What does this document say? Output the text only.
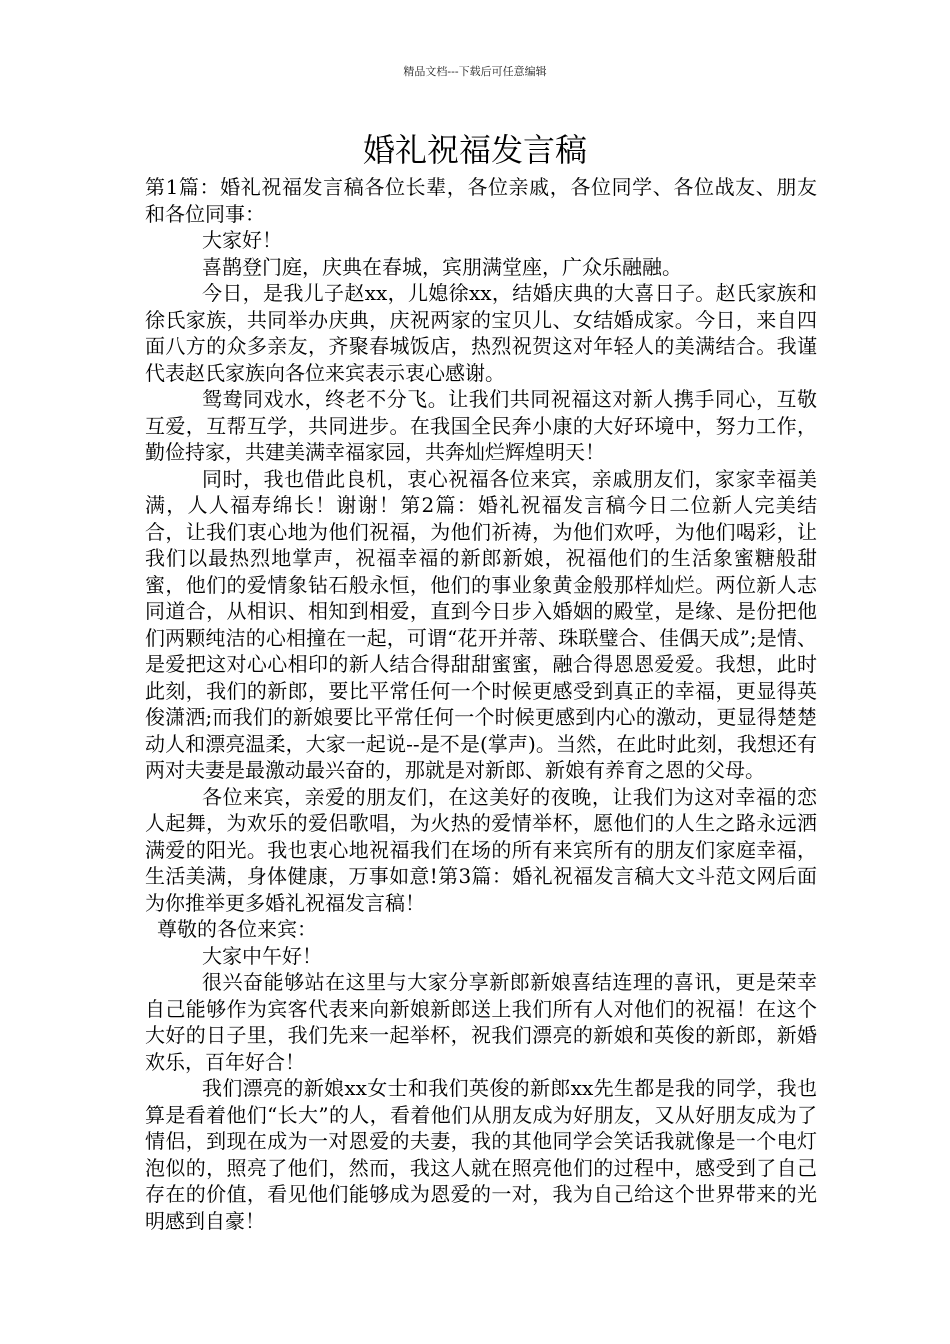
精品文档---下载后可任意编辑
婚礼祝福发言稿

第1篇：婚礼祝福发言稿各位长辈，各位亲戚，各位同学、各位战友、朋友和各位同事：

大家好！

喜鹊登门庭，庆典在春城，宾朋满堂座，广众乐融融。

今日，是我儿子赵xx，儿媳徐xx，结婚庆典的大喜日子。赵氏家族和徐氏家族，共同举办庆典，庆祝两家的宝贝儿、女结婚成家。今日，来自四面八方的众多亲友，齐聚春城饭店，热烈祝贺这对年轻人的美满结合。我谨代表赵氏家族向各位来宾表示衷心感谢。

鸳鸯同戏水，终老不分飞。让我们共同祝福这对新人携手同心，互敬互爱，互帮互学，共同进步。在我国全民奔小康的大好环境中，努力工作，勤俭持家，共建美满幸福家园，共奔灿烂辉煌明天！

同时，我也借此良机，衷心祝福各位来宾，亲戚朋友们，家家幸福美满，人人福寿绵长！谢谢！第2篇：婚礼祝福发言稿今日二位新人完美结合，让我们衷心地为他们祝福，为他们祈祷，为他们欢呼，为他们喝彩，让我们以最热烈地掌声，祝福幸福的新郎新娘，祝福他们的生活象蜜糖般甜蜜，他们的爱情象钻石般永恒，他们的事业象黄金般那样灿烂。两位新人志同道合，从相识、相知到相爱，直到今日步入婚姻的殿堂，是缘、是份把他们两颗纯洁的心相撞在一起，可谓“花开并蒂、珠联璧合、佳偶天成”;是情、是爱把这对心心相印的新人结合得甜甜蜜蜜，融合得恩恩爱爱。我想，此时此刻，我们的新郎，要比平常任何一个时候更感受到真正的幸福，更显得英俊潇洒;而我们的新娘要比平常任何一个时候更感到内心的激动，更显得楚楚动人和漂亮温柔，大家一起说--是不是(掌声)。当然，在此时此刻，我想还有两对夫妻是最激动最兴奋的，那就是对新郎、新娘有养育之恩的父母。

各位来宾，亲爱的朋友们，在这美好的夜晚，让我们为这对幸福的恋人起舞，为欢乐的爱侣歌唱，为火热的爱情举杯，愿他们的人生之路永远洒满爱的阳光。我也衷心地祝福我们在场的所有来宾所有的朋友们家庭幸福，生活美满，身体健康，万事如意!第3篇：婚礼祝福发言稿大文斗范文网后面为你推举更多婚礼祝福发言稿！

尊敬的各位来宾：

大家中午好！

很兴奋能够站在这里与大家分享新郎新娘喜结连理的喜讯，更是荣幸自己能够作为宾客代表来向新娘新郎送上我们所有人对他们的祝福！在这个大好的日子里，我们先来一起举杯，祝我们漂亮的新娘和英俊的新郎，新婚欢乐，百年好合！

我们漂亮的新娘xx女士和我们英俊的新郎xx先生都是我的同学，我也算是看着他们“长大”的人，看着他们从朋友成为好朋友，又从好朋友成为了情侣，到现在成为一对恩爱的夫妻，我的其他同学会笑话我就像是一个电灯泡似的，照亮了他们，然而，我这人就在照亮他们的过程中，感受到了自己存在的价值，看见他们能够成为恩爱的一对，我为自己给这个世界带来的光明感到自豪！
